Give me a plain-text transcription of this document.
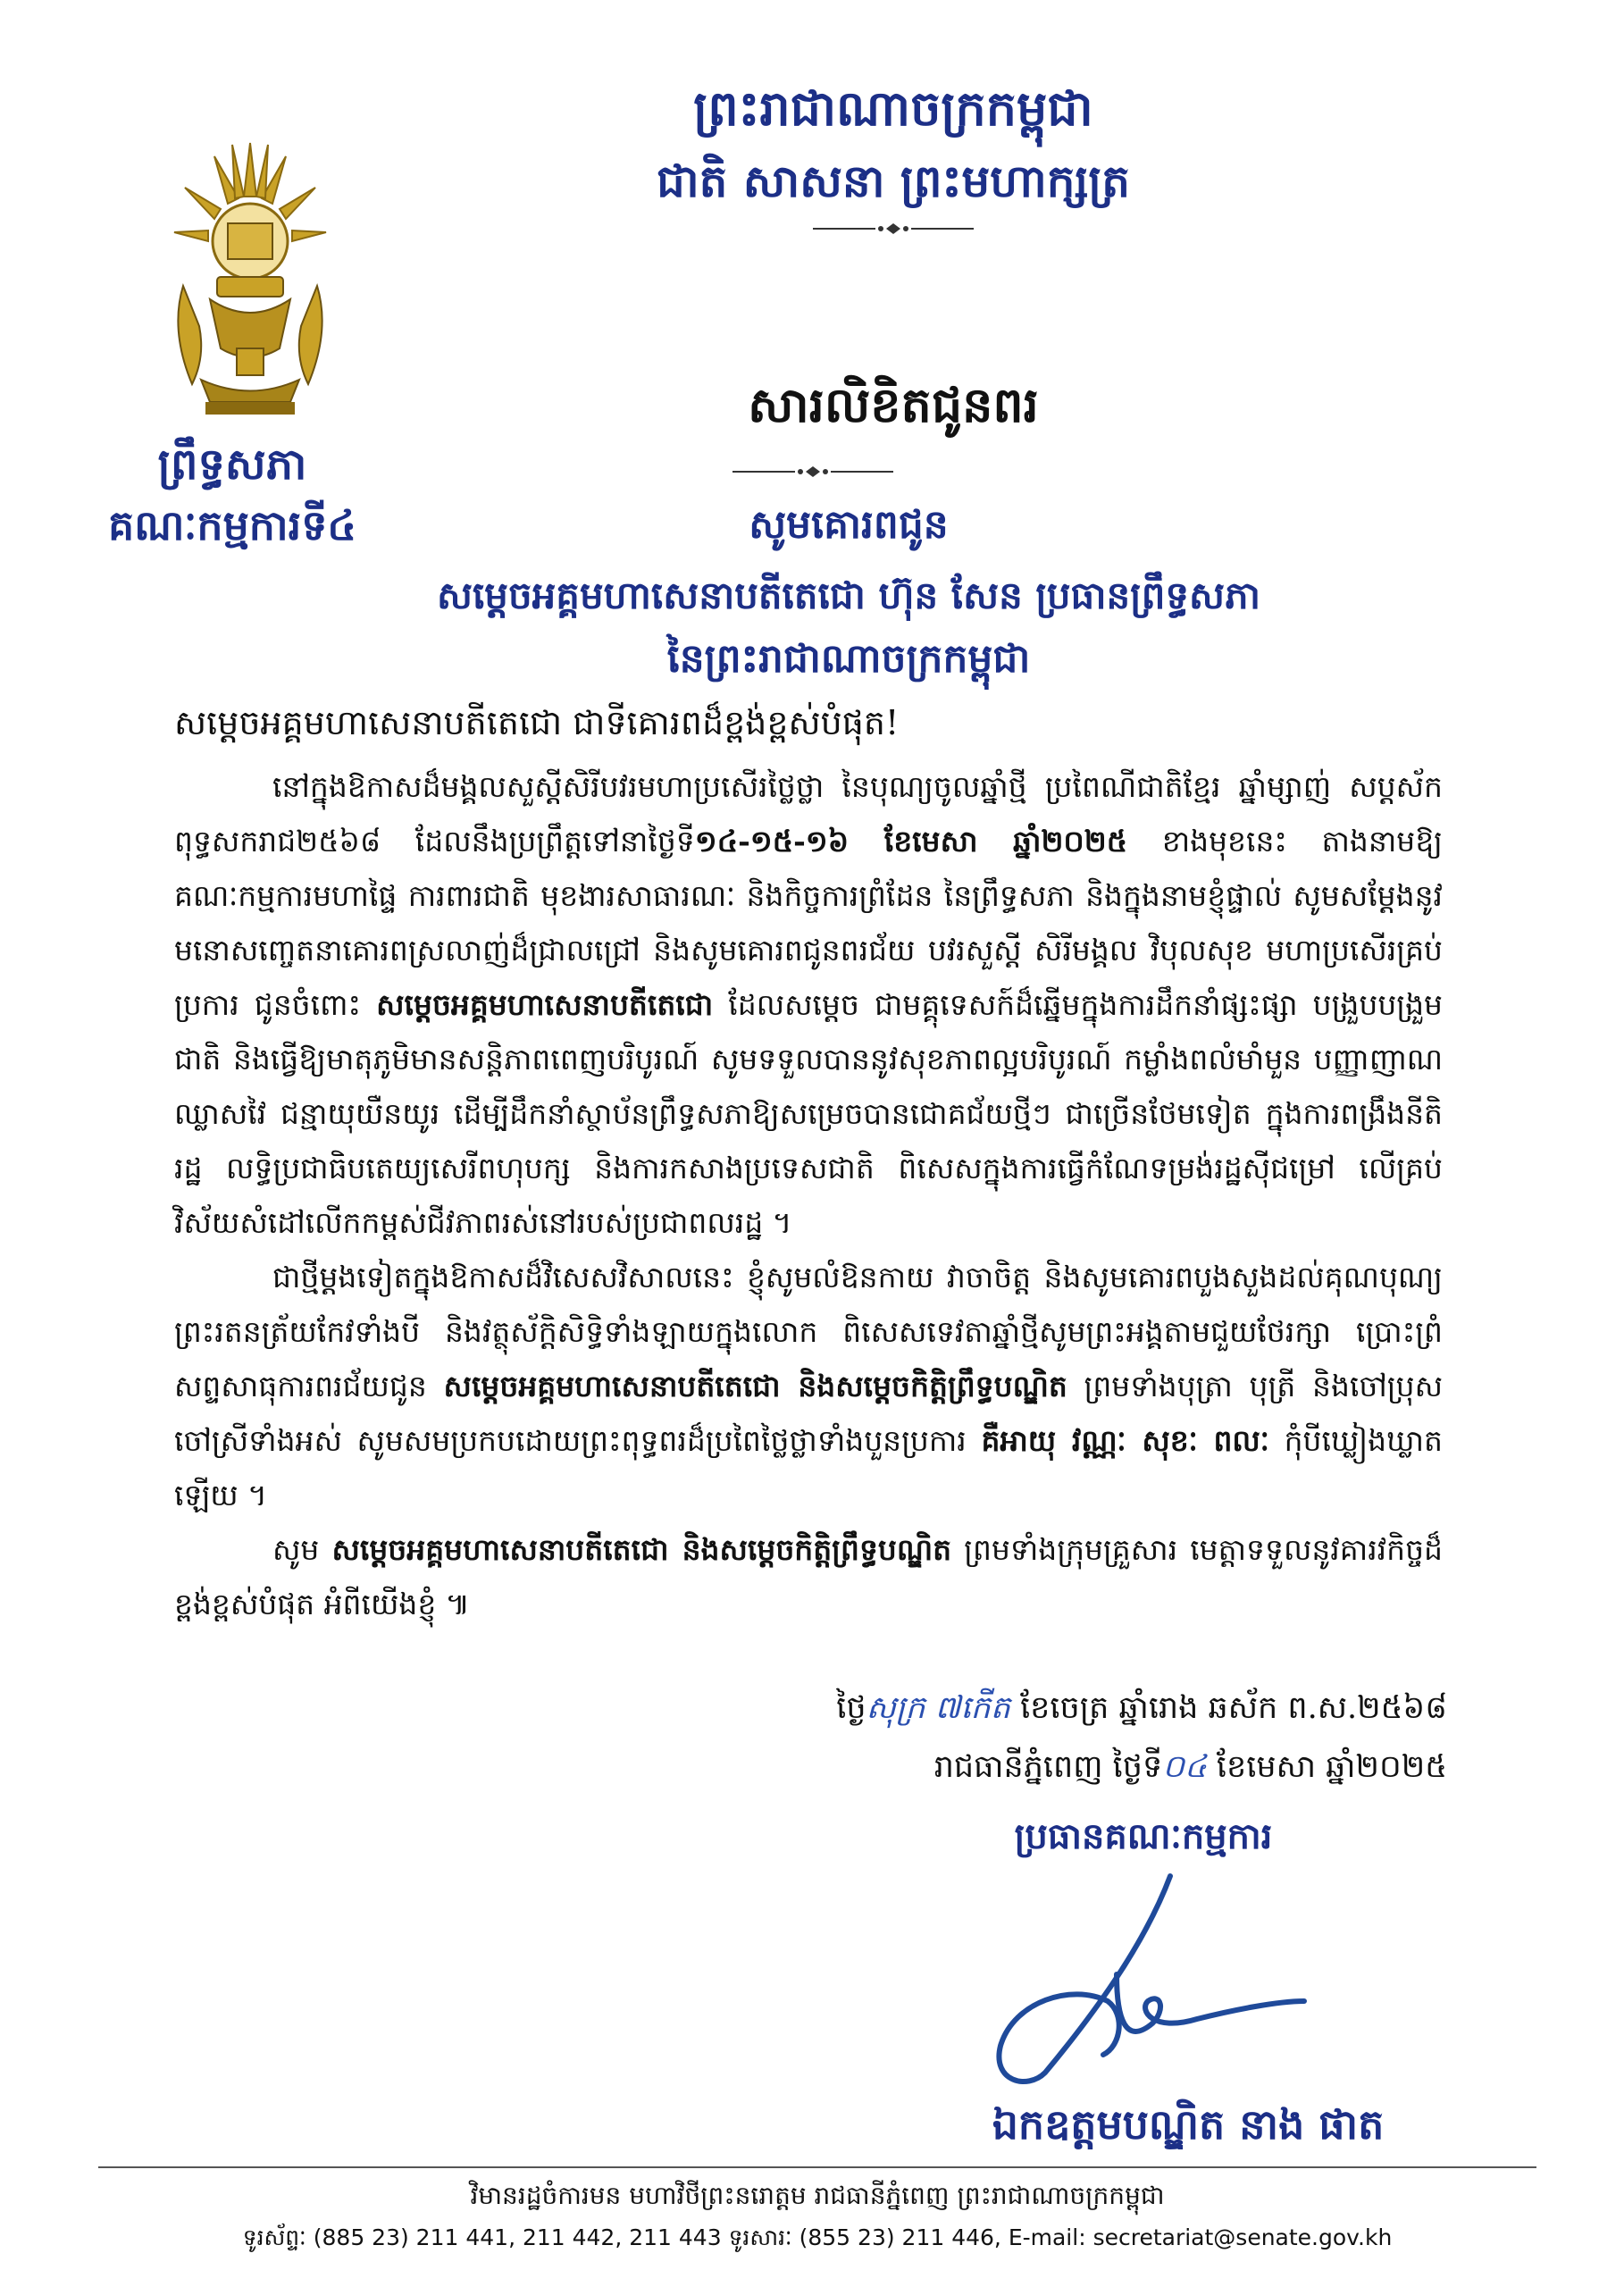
ព្រះរាជាណាចក្រកម្ពុជា
ជាតិ សាសនា ព្រះមហាក្សត្រ
សារលិខិតជូនពរ
ព្រឹទ្ធសភា
គណៈកម្មការទី៤	សូមគោរពជូន
សម្តេចអគ្គមហាសេនាបតីតេជោ ហ៊ុន សែន ប្រធានព្រឹទ្ធសភា
នៃព្រះរាជាណាចក្រកម្ពុជា
សម្តេចអគ្គមហាសេនាបតីតេជោ ជាទីគោរពដ៏ខ្ពង់ខ្ពស់បំផុត!

នៅក្នុងឱកាសដ៏មង្គលសួស្តីសិរីបវរមហាប្រសើរថ្លៃថ្លា នៃបុណ្យចូលឆ្នាំថ្មី ប្រពៃណីជាតិខ្មែរ ឆ្នាំម្សាញ់ សប្តស័ក ពុទ្ធសករាជ២៥៦៨ ដែលនឹងប្រព្រឹត្តទៅនាថ្ងៃទី១៤-១៥-១៦ ខែមេសា ឆ្នាំ២០២៥ ខាងមុខនេះ តាងនាមឱ្យគណៈកម្មការមហាផ្ទៃ ការពារជាតិ មុខងារសាធារណៈ និងកិច្ចការព្រំដែន នៃព្រឹទ្ធសភា និងក្នុងនាមខ្ញុំផ្ទាល់ សូមសម្តែងនូវមនោសញ្ចេតនាគោរពស្រលាញ់ដ៏ជ្រាលជ្រៅ និងសូមគោរពជូនពរជ័យ បវរសួស្តី សិរីមង្គល វិបុលសុខ មហាប្រសើរគ្រប់ប្រការ ជូនចំពោះ សម្តេចអគ្គមហាសេនាបតីតេជោ ដែលសម្តេច ជាមគ្គុទេសក៍ដ៏ឆ្នើមក្នុងការដឹកនាំផ្សះផ្សា បង្រួបបង្រួមជាតិ និងធ្វើឱ្យមាតុភូមិមានសន្តិភាពពេញបរិបូរណ៍ សូមទទួលបាននូវសុខភាពល្អបរិបូរណ៍ កម្លាំងពលំមាំមួន បញ្ញាញាណឈ្លាសវៃ ជន្មាយុយឺនយូរ ដើម្បីដឹកនាំស្ថាប័នព្រឹទ្ធសភាឱ្យសម្រេចបានជោគជ័យថ្មីៗ ជាច្រើនថែមទៀត ក្នុងការពង្រឹងនីតិរដ្ឋ លទ្ធិប្រជាធិបតេយ្យសេរីពហុបក្ស និងការកសាងប្រទេសជាតិ ពិសេសក្នុងការធ្វើកំណែទម្រង់រដ្ឋស៊ីជម្រៅ លើគ្រប់វិស័យសំដៅលើកកម្ពស់ជីវភាពរស់នៅរបស់ប្រជាពលរដ្ឋ ។

ជាថ្មីម្តងទៀតក្នុងឱកាសដ៏វិសេសវិសាលនេះ ខ្ញុំសូមលំឱនកាយ វាចាចិត្ត និងសូមគោរពបួងសួងដល់គុណបុណ្យព្រះរតនត្រ័យកែវទាំងបី និងវត្ថុស័ក្តិសិទ្ធិទាំងឡាយក្នុងលោក ពិសេសទេវតាឆ្នាំថ្មីសូមព្រះអង្គតាមជួយថែរក្សា ប្រោះព្រំសព្ទសាធុការពរជ័យជូន សម្តេចអគ្គមហាសេនាបតីតេជោ និងសម្តេចកិត្តិព្រឹទ្ធបណ្ឌិត ព្រមទាំងបុត្រា បុត្រី និងចៅប្រុស ចៅស្រីទាំងអស់ សូមសមប្រកបដោយព្រះពុទ្ធពរដ៏ប្រពៃថ្លៃថ្លាទាំងបួនប្រការ គឺអាយុ វណ្ណៈ សុខៈ ពលៈ កុំបីឃ្លៀងឃ្លាតឡើយ ។

សូម សម្តេចអគ្គមហាសេនាបតីតេជោ និងសម្តេចកិត្តិព្រឹទ្ធបណ្ឌិត ព្រមទាំងក្រុមគ្រួសារ មេត្តាទទួលនូវគារវកិច្ចដ៏ខ្ពង់ខ្ពស់បំផុត អំពីយើងខ្ញុំ ៕

ថ្ងៃសុក្រ ៧កើត ខែចេត្រ ឆ្នាំរោង ឆស័ក ព.ស.២៥៦៨
រាជធានីភ្នំពេញ ថ្ងៃទី០៤ ខែមេសា ឆ្នាំ២០២៥
ប្រធានគណៈកម្មការ
ឯកឧត្តមបណ្ឌិត នាង ផាត
វិមានរដ្ឋចំការមន មហាវិថីព្រះនរោត្តម រាជធានីភ្នំពេញ ព្រះរាជាណាចក្រកម្ពុជា
ទូរស័ព្ទៈ (885 23) 211 441, 211 442, 211 443 ទូរសារៈ (855 23) 211 446, E-mail: secretariat@senate.gov.kh
